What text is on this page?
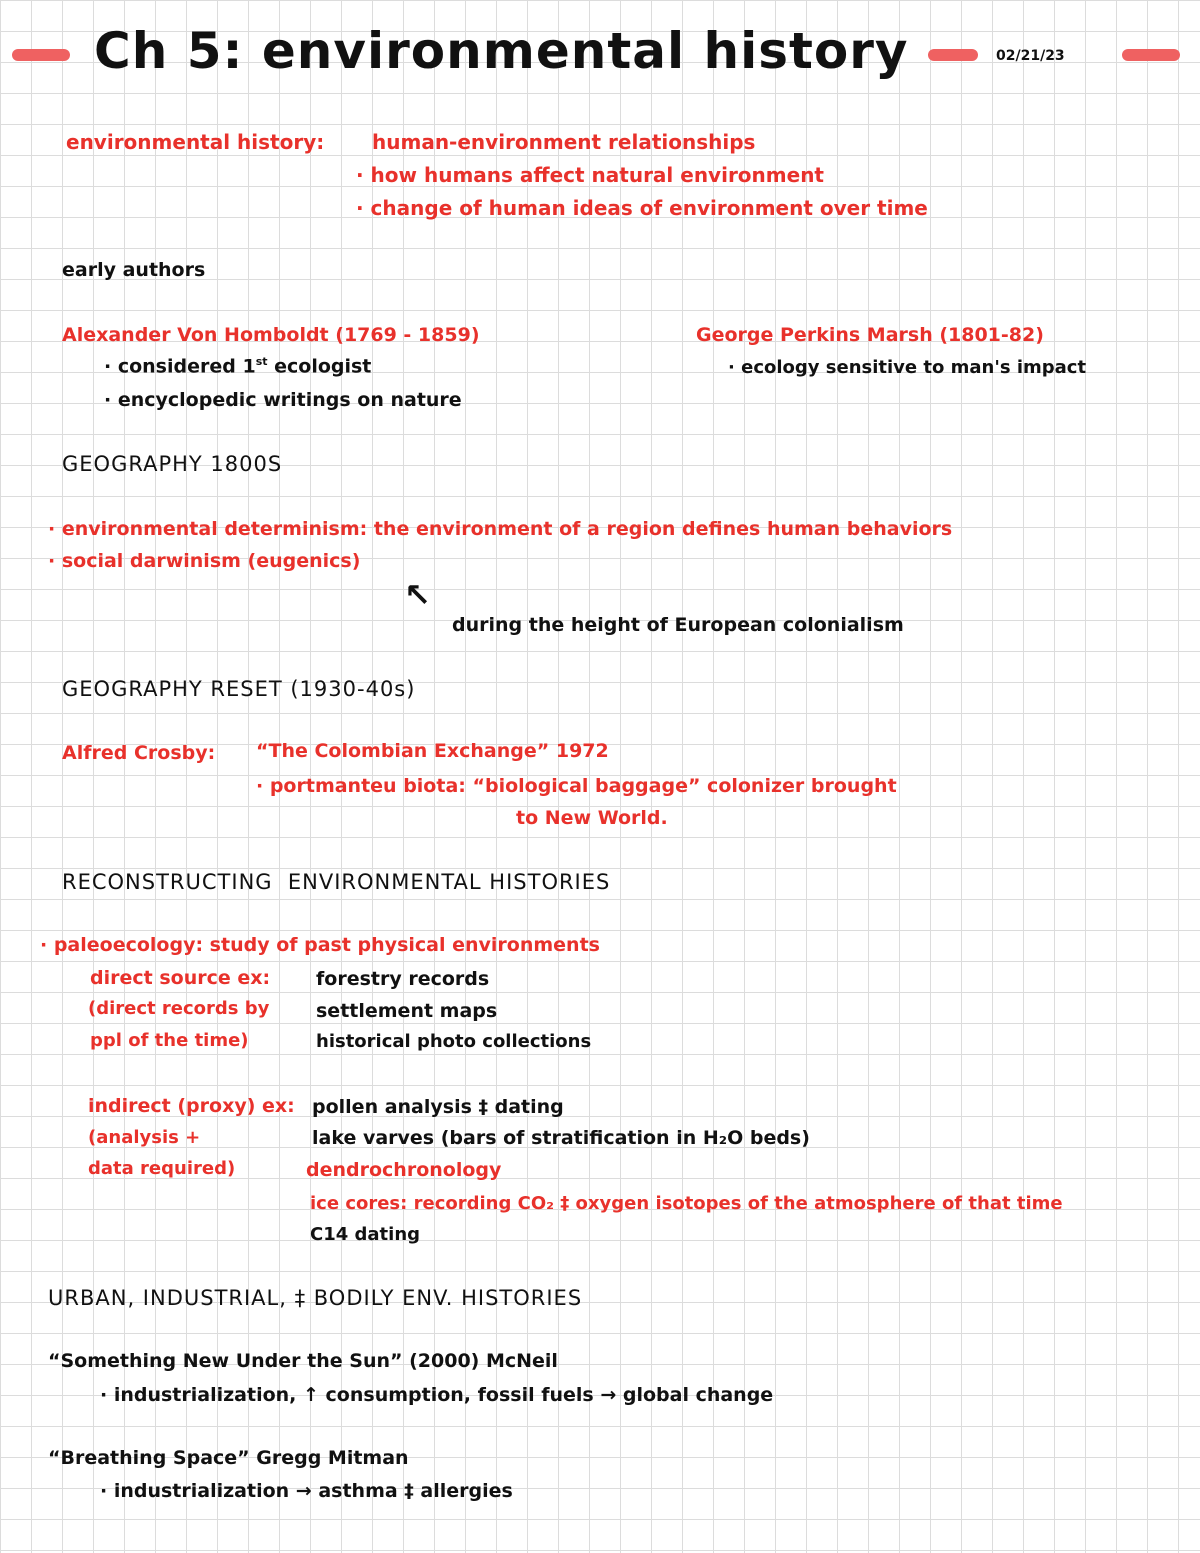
Ch 5: environmental history	02/21/23
environmental history: human-environment relationships
· how humans affect natural environment
· change of human ideas of environment over time
early authors
Alexander Von Homboldt (1769 - 1859)
· considered 1st ecologist
· encyclopedic writings on nature
George Perkins Marsh (1801-82)
· ecology sensitive to man's impact
GEOGRAPHY 1800S
· environmental determinism: the environment of a region defines human behaviors
· social darwinism (eugenics)
↖
during the height of European colonialism
GEOGRAPHY RESET (1930-40s)
Alfred Crosby: “The Colombian Exchange” 1972
· portmanteu biota: “biological baggage” colonizer brought
to New World.
RECONSTRUCTING  ENVIRONMENTAL HISTORIES
· paleoecology: study of past physical environments
direct source ex:
(direct records by
ppl of the time)
forestry records
settlement maps
historical photo collections
indirect (proxy) ex:
(analysis +
data required)
pollen analysis ‡ dating
lake varves (bars of stratification in H₂O beds)
dendrochronology
ice cores: recording CO₂ ‡ oxygen isotopes of the atmosphere of that time
C14 dating
URBAN, INDUSTRIAL, ‡ BODILY ENV. HISTORIES
“Something New Under the Sun” (2000) McNeil
· industrialization, ↑ consumption, fossil fuels → global change
“Breathing Space” Gregg Mitman
· industrialization → asthma ‡ allergies
